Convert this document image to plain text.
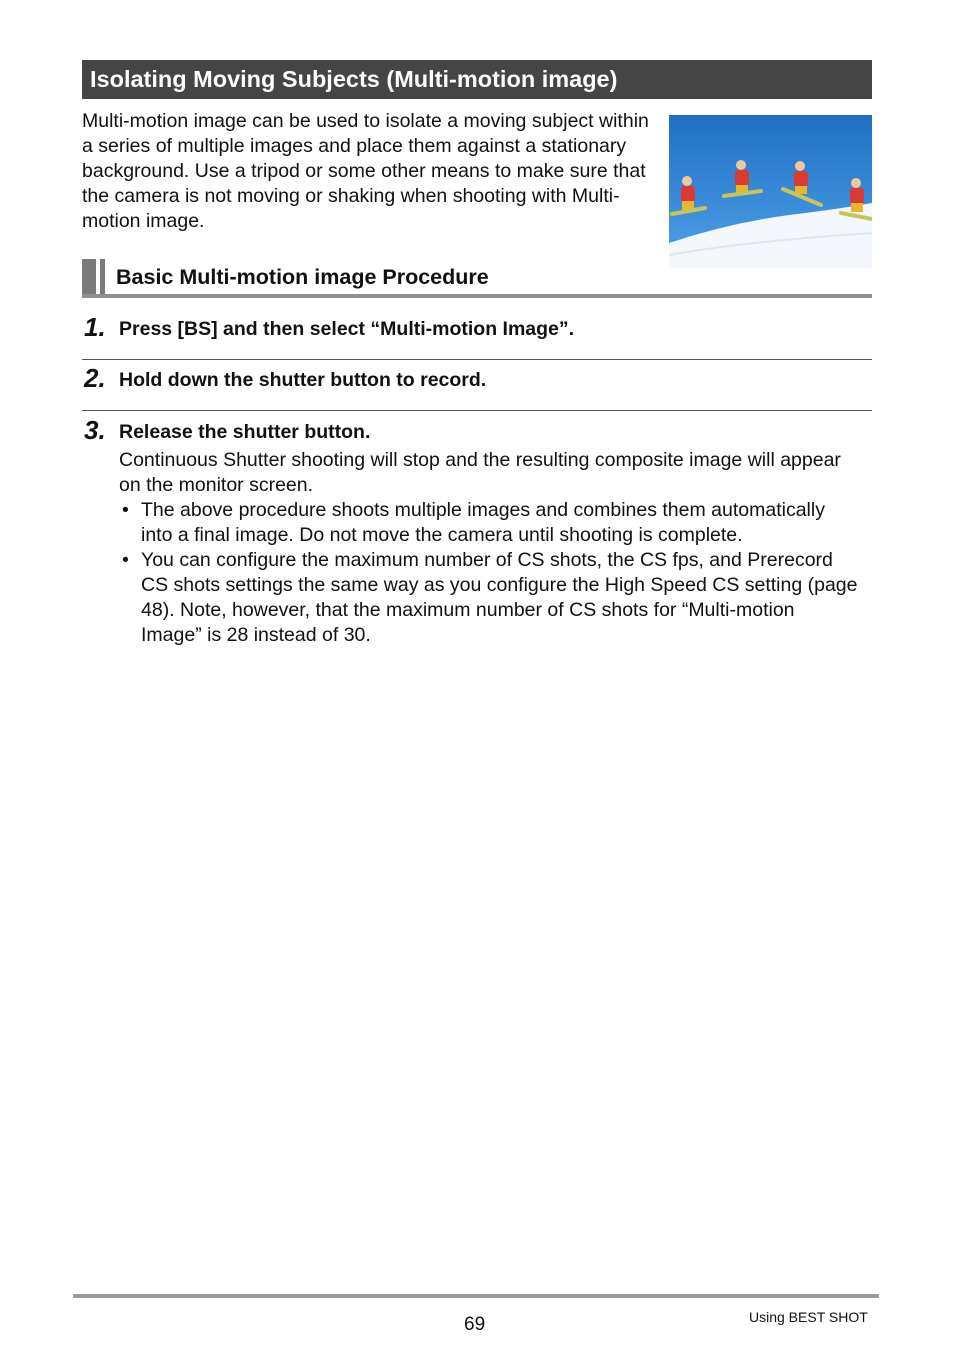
Isolating Moving Subjects (Multi-motion image)

Multi-motion image can be used to isolate a moving subject within a series of multiple images and place them against a stationary background. Use a tripod or some other means to make sure that the camera is not moving or shaking when shooting with Multi-motion image.

Basic Multi-motion image Procedure
1. Press [BS] and then select “Multi-motion Image”.
2. Hold down the shutter button to record.
3. Release the shutter button.

Continuous Shutter shooting will stop and the resulting composite image will appear on the monitor screen.

• The above procedure shoots multiple images and combines them automatically into a final image. Do not move the camera until shooting is complete.
• You can configure the maximum number of CS shots, the CS fps, and Prerecord CS shots settings the same way as you configure the High Speed CS setting (page 48). Note, however, that the maximum number of CS shots for “Multi-motion Image” is 28 instead of 30.
69	Using BEST SHOT
